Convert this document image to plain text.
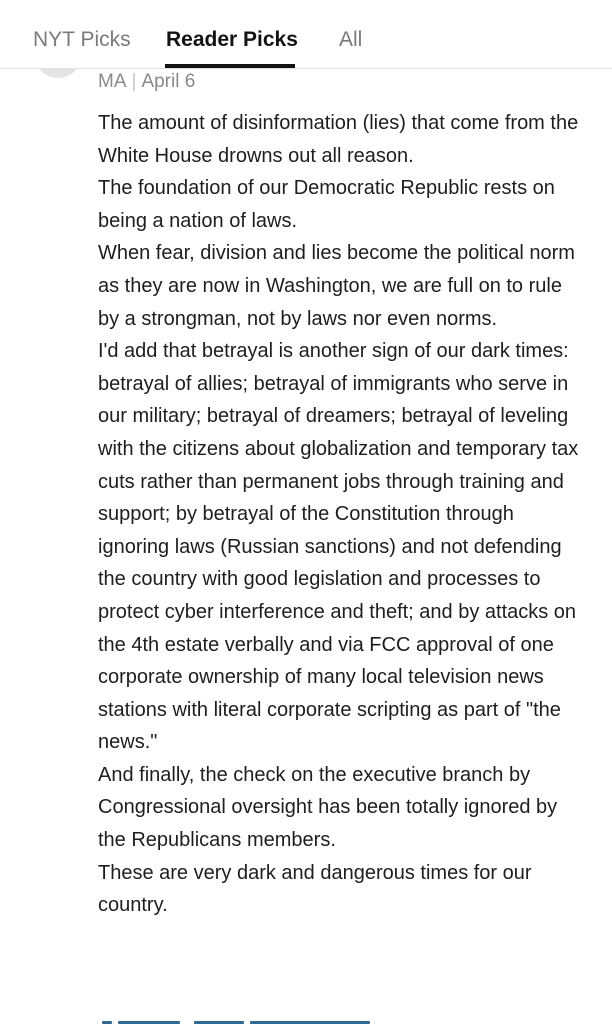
NYT Picks Reader Picks All
MA | April 6

The amount of disinformation (lies) that come from the White House drowns out all reason.

The foundation of our Democratic Republic rests on being a nation of laws.

When fear, division and lies become the political norm as they are now in Washington, we are full on to rule by a strongman, not by laws nor even norms.

I'd add that betrayal is another sign of our dark times: betrayal of allies; betrayal of immigrants who serve in our military; betrayal of dreamers; betrayal of leveling with the citizens about globalization and temporary tax cuts rather than permanent jobs through training and support; by betrayal of the Constitution through ignoring laws (Russian sanctions) and not defending the country with good legislation and processes to protect cyber interference and theft; and by attacks on the 4th estate verbally and via FCC approval of one corporate ownership of many local television news stations with literal corporate scripting as part of "the news."

And finally, the check on the executive branch by Congressional oversight has been totally ignored by the Republicans members.

These are very dark and dangerous times for our country.
